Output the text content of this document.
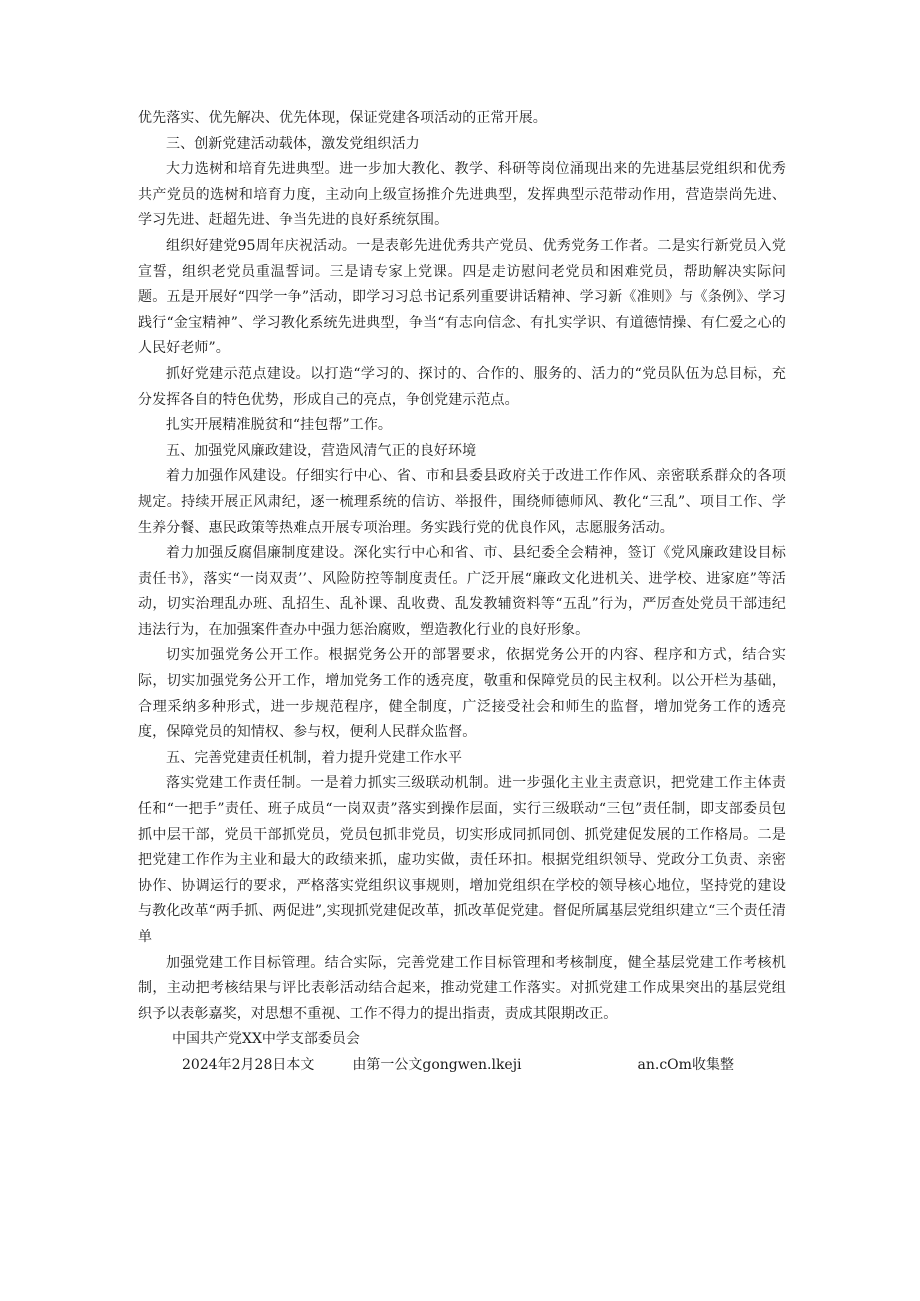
优先落实、优先解决、优先体现，保证党建各项活动的正常开展。

三、创新党建活动载体，激发党组织活力

大力选树和培育先进典型。进一步加大教化、教学、科研等岗位涌现出来的先进基层党组织和优秀共产党员的选树和培育力度，主动向上级宣扬推介先进典型，发挥典型示范带动作用，营造崇尚先进、学习先进、赶超先进、争当先进的良好系统氛围。

组织好建党95周年庆祝活动。一是表彰先进优秀共产党员、优秀党务工作者。二是实行新党员入党宣誓，组织老党员重温誓词。三是请专家上党课。四是走访慰问老党员和困难党员，帮助解决实际问题。五是开展好“四学一争”活动，即学习习总书记系列重要讲话精神、学习新《准则》与《条例》、学习践行“金宝精神”、学习教化系统先进典型，争当“有志向信念、有扎实学识、有道德情操、有仁爱之心的人民好老师”。

抓好党建示范点建设。以打造“学习的、探讨的、合作的、服务的、活力的“党员队伍为总目标，充分发挥各自的特色优势，形成自己的亮点，争创党建示范点。

扎实开展精准脱贫和“挂包帮”工作。

五、加强党风廉政建设，营造风清气正的良好环境

着力加强作风建设。仔细实行中心、省、市和县委县政府关于改进工作作风、亲密联系群众的各项规定。持续开展正风肃纪，逐一梳理系统的信访、举报件，围绕师德师风、教化“三乱”、项目工作、学生养分餐、惠民政策等热难点开展专项治理。务实践行党的优良作风，志愿服务活动。

着力加强反腐倡廉制度建设。深化实行中心和省、市、县纪委全会精神，签订《党风廉政建设目标责任书》，落实“一岗双责’’、风险防控等制度责任。广泛开展“廉政文化进机关、进学校、进家庭”等活动，切实治理乱办班、乱招生、乱补课、乱收费、乱发教辅资料等“五乱”行为，严厉查处党员干部违纪违法行为，在加强案件查办中强力惩治腐败，塑造教化行业的良好形象。

切实加强党务公开工作。根据党务公开的部署要求，依据党务公开的内容、程序和方式，结合实际，切实加强党务公开工作，增加党务工作的透亮度，敬重和保障党员的民主权利。以公开栏为基础，合理采纳多种形式，进一步规范程序，健全制度，广泛接受社会和师生的监督，增加党务工作的透亮度，保障党员的知情权、参与权，便利人民群众监督。

五、完善党建责任机制，着力提升党建工作水平

落实党建工作责任制。一是着力抓实三级联动机制。进一步强化主业主责意识，把党建工作主体责任和“一把手”责任、班子成员“一岗双责”落实到操作层面，实行三级联动“三包”责任制，即支部委员包抓中层干部，党员干部抓党员，党员包抓非党员，切实形成同抓同创、抓党建促发展的工作格局。二是把党建工作作为主业和最大的政绩来抓，虚功实做，责任环扣。根据党组织领导、党政分工负责、亲密协作、协调运行的要求，严格落实党组织议事规则，增加党组织在学校的领导核心地位，坚持党的建设与教化改革“两手抓、两促进”,实现抓党建促改革，抓改革促党建。督促所属基层党组织建立“三个责任清单

加强党建工作目标管理。结合实际，完善党建工作目标管理和考核制度，健全基层党建工作考核机制，主动把考核结果与评比表彰活动结合起来，推动党建工作落实。对抓党建工作成果突出的基层党组织予以表彰嘉奖，对思想不重视、工作不得力的提出指责，责成其限期改正。

中国共产党XX中学支部委员会

2024年2月28日本文	由第一公文gongwen.lkeji	an.cOm收集整
